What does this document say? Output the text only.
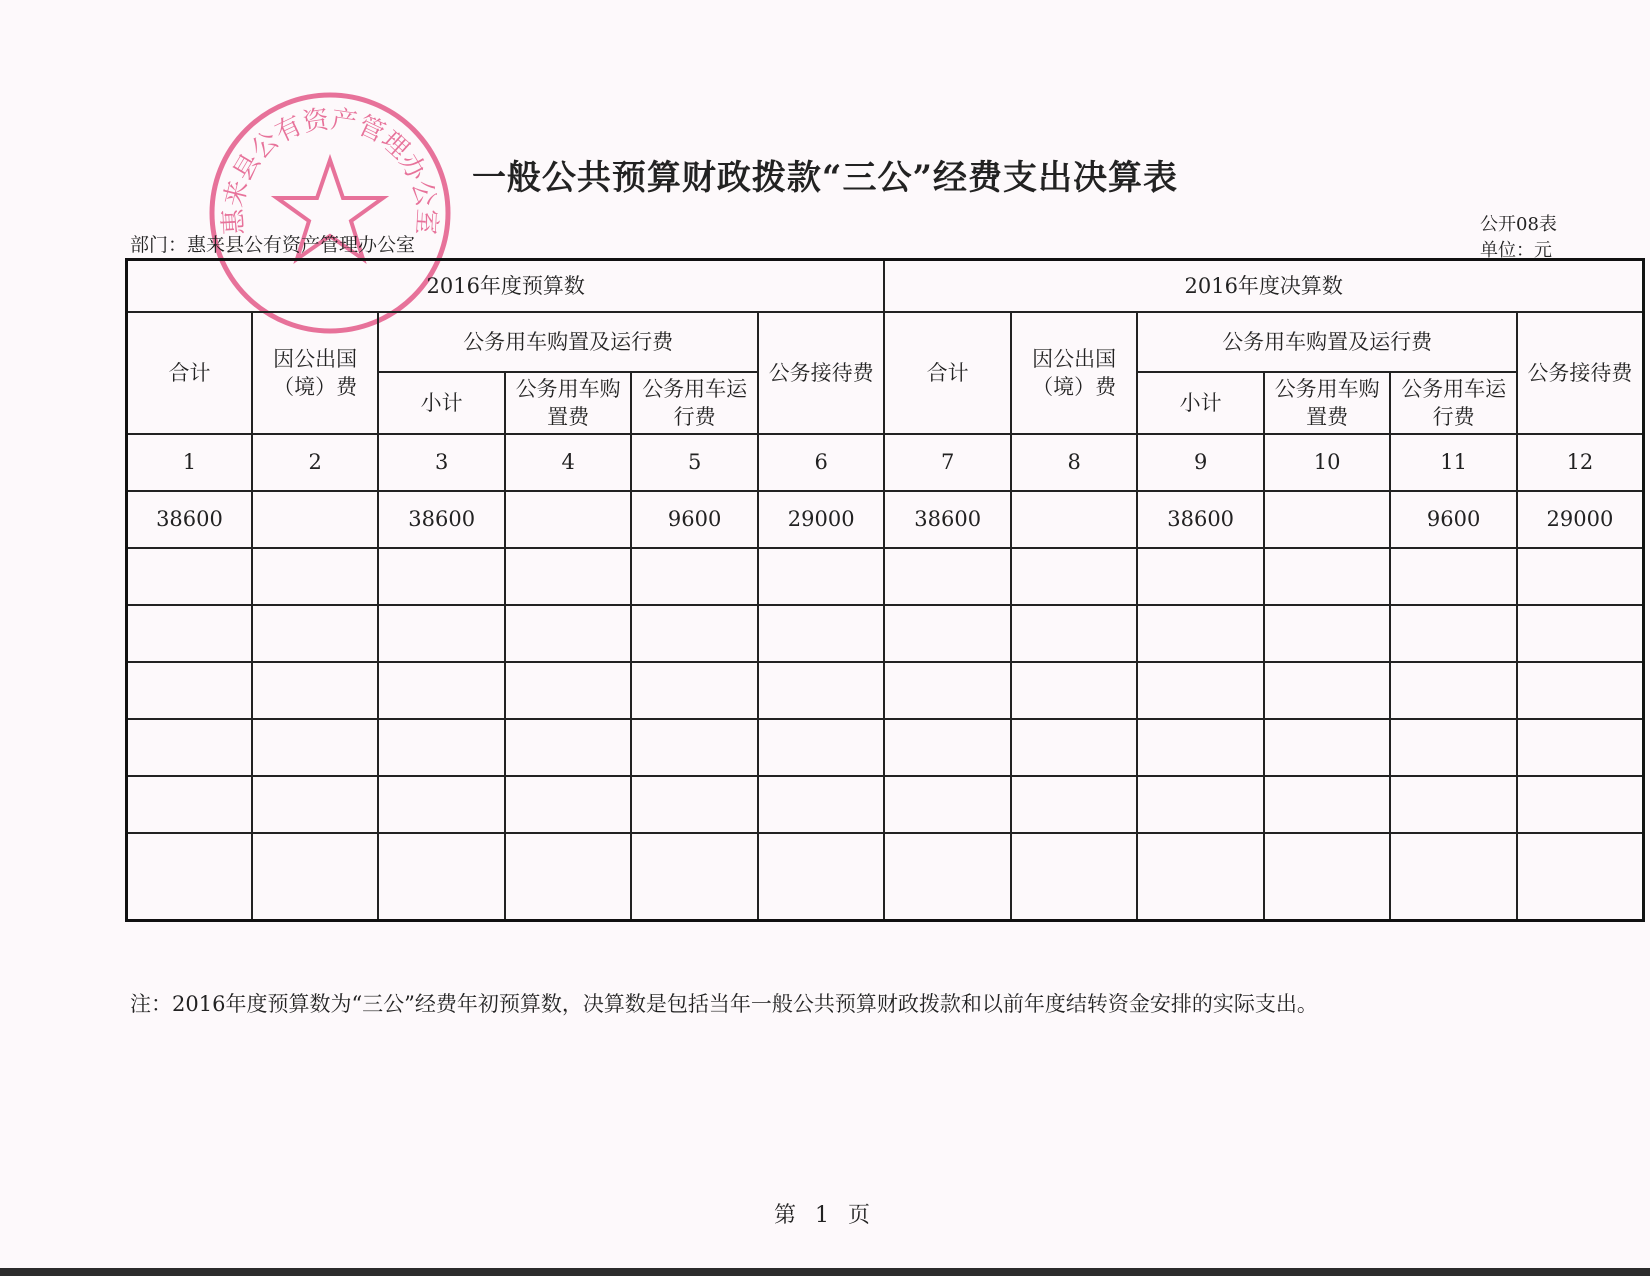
惠来县公有资产管理办公室
一般公共预算财政拨款“三公”经费支出决算表
部门：惠来县公有资产管理办公室
公开08表
单位：元
2016年度预算数						2016年度决算数					
合计	因公出国（境）费	公务用车购置及运行费			公务接待费	合计	因公出国（境）费	公务用车购置及运行费			公务接待费
		小计	公务用车购置费	公务用车运行费				小计	公务用车购置费	公务用车运行费	
1	2	3	4	5	6	7	8	9	10	11	12
38600		38600		9600	29000	38600		38600		9600	29000

注：2016年度预算数为“三公”经费年初预算数，决算数是包括当年一般公共预算财政拨款和以前年度结转资金安排的实际支出。
第 1 页
